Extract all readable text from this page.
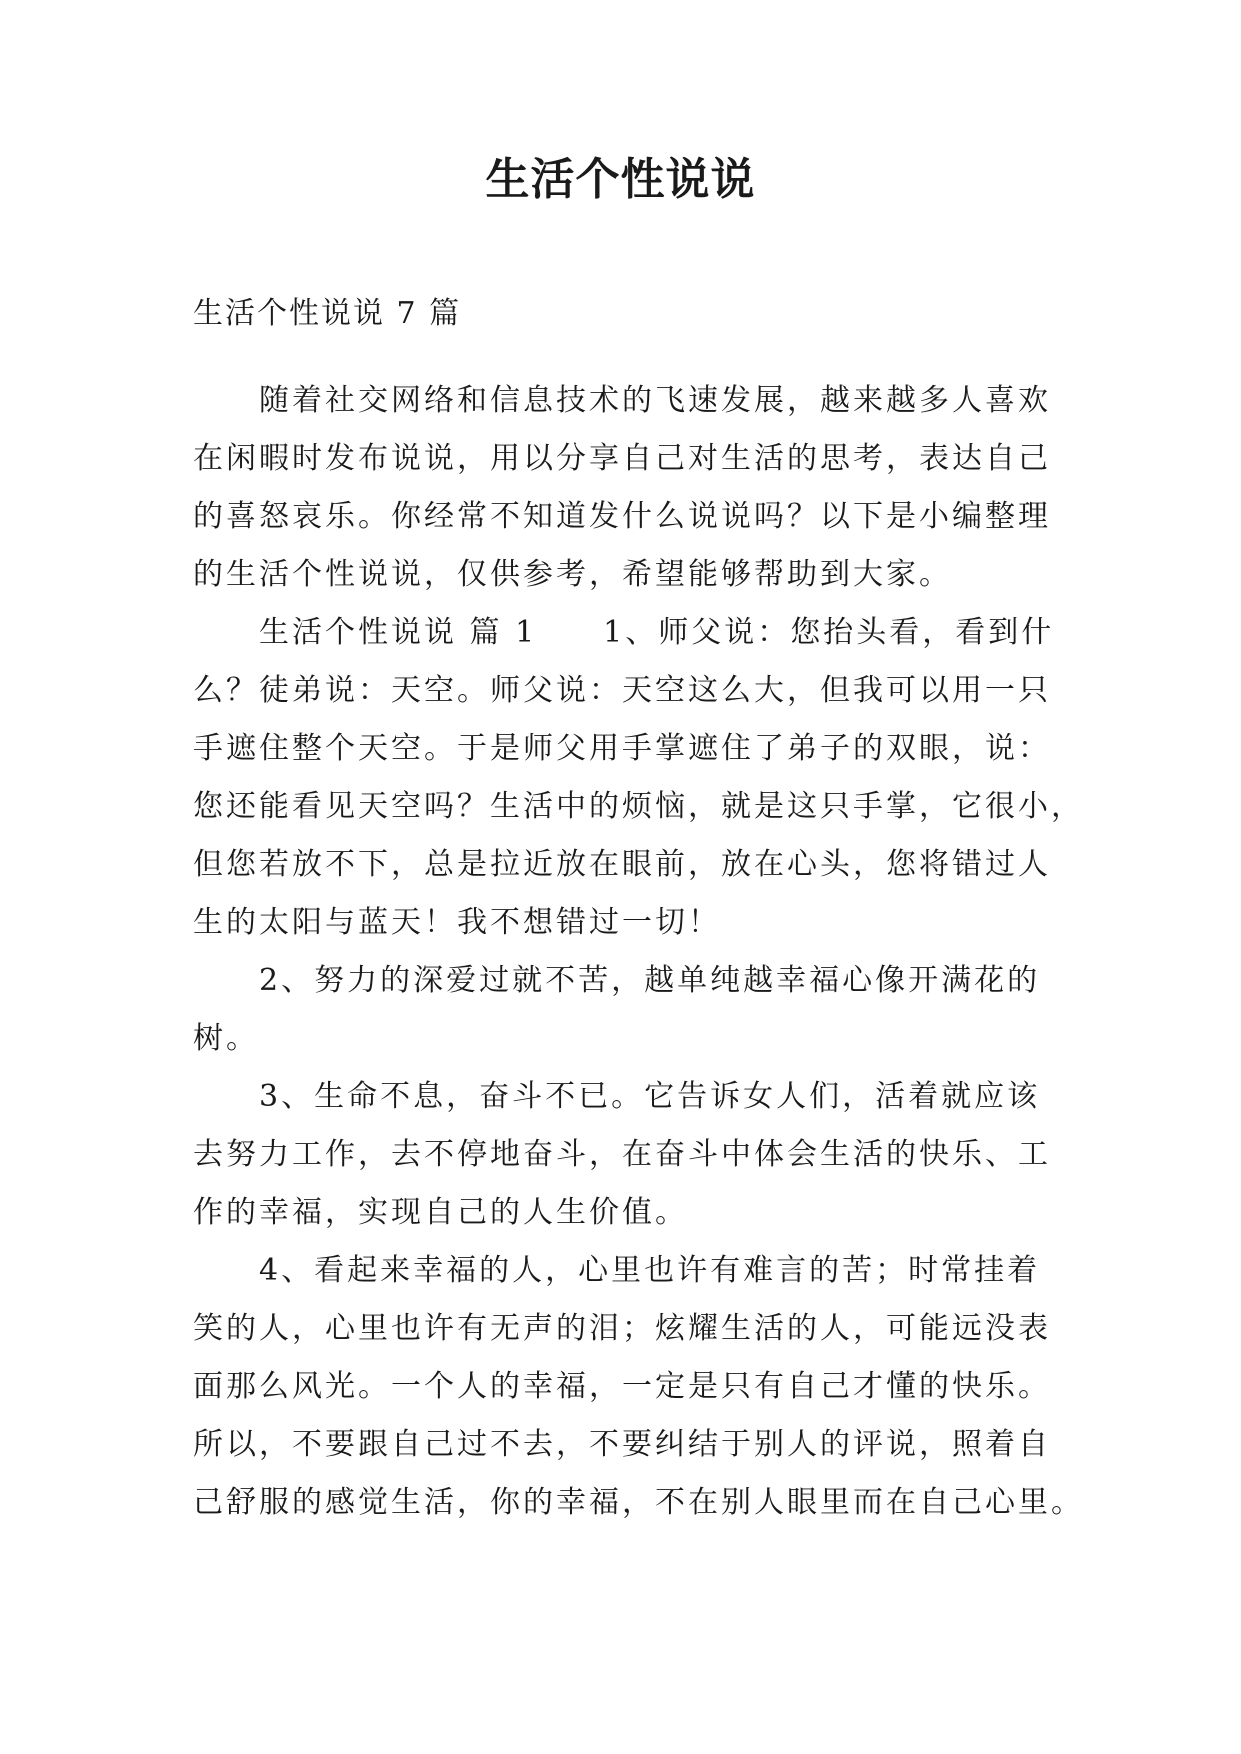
生活个性说说

生活个性说说 7 篇

　　随着社交网络和信息技术的飞速发展，越来越多人喜欢
在闲暇时发布说说，用以分享自己对生活的思考，表达自己
的喜怒哀乐。你经常不知道发什么说说吗？以下是小编整理
的生活个性说说，仅供参考，希望能够帮助到大家。
　　生活个性说说 篇 1　　1、师父说：您抬头看，看到什
么？徒弟说：天空。师父说：天空这么大，但我可以用一只
手遮住整个天空。于是师父用手掌遮住了弟子的双眼，说：
您还能看见天空吗？生活中的烦恼，就是这只手掌，它很小，
但您若放不下，总是拉近放在眼前，放在心头，您将错过人
生的太阳与蓝天！我不想错过一切！
　　2、努力的深爱过就不苦，越单纯越幸福心像开满花的
树。
　　3、生命不息，奋斗不已。它告诉女人们，活着就应该
去努力工作，去不停地奋斗，在奋斗中体会生活的快乐、工
作的幸福，实现自己的人生价值。
　　4、看起来幸福的人，心里也许有难言的苦；时常挂着
笑的人，心里也许有无声的泪；炫耀生活的人，可能远没表
面那么风光。一个人的幸福，一定是只有自己才懂的快乐。
所以，不要跟自己过不去，不要纠结于别人的评说，照着自
己舒服的感觉生活，你的幸福，不在别人眼里而在自己心里。
